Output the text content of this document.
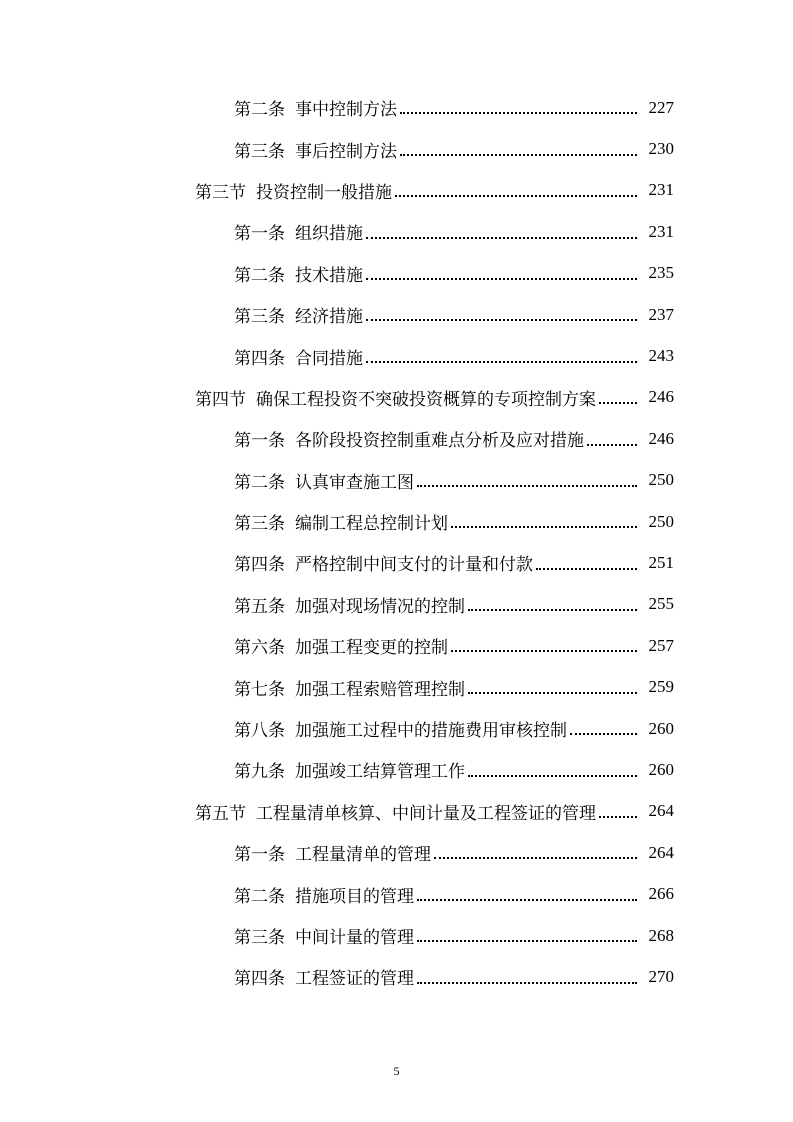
第二条 事中控制方法	227
第三条 事后控制方法	230
第三节 投资控制一般措施	231
第一条 组织措施	231
第二条 技术措施	235
第三条 经济措施	237
第四条 合同措施	243
第四节 确保工程投资不突破投资概算的专项控制方案	246
第一条 各阶段投资控制重难点分析及应对措施	246
第二条 认真审查施工图	250
第三条 编制工程总控制计划	250
第四条 严格控制中间支付的计量和付款	251
第五条 加强对现场情况的控制	255
第六条 加强工程变更的控制	257
第七条 加强工程索赔管理控制	259
第八条 加强施工过程中的措施费用审核控制	260
第九条 加强竣工结算管理工作	260
第五节 工程量清单核算、中间计量及工程签证的管理	264
第一条 工程量清单的管理	264
第二条 措施项目的管理	266
第三条 中间计量的管理	268
第四条 工程签证的管理	270
5
